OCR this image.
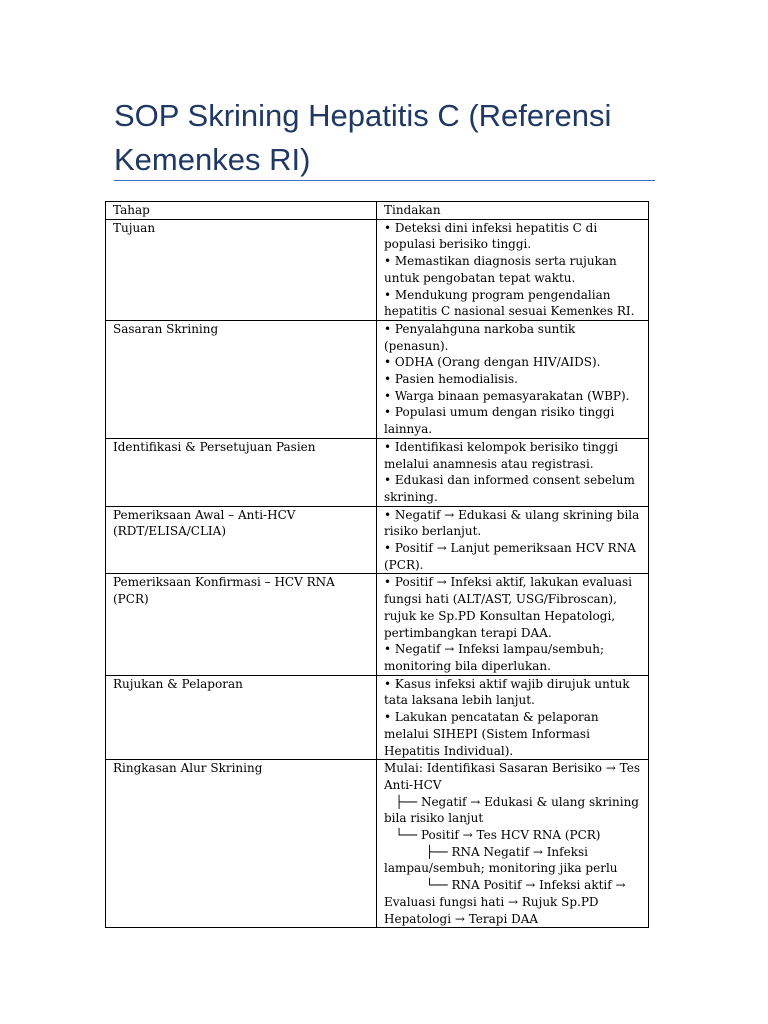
SOP Skrining Hepatitis C (Referensi Kemenkes RI)
Tahap	Tindakan
Tujuan	• Deteksi dini infeksi hepatitis C di populasi berisiko tinggi.
• Memastikan diagnosis serta rujukan untuk pengobatan tepat waktu.
• Mendukung program pengendalian hepatitis C nasional sesuai Kemenkes RI.

Sasaran Skrining	• Penyalahguna narkoba suntik (penasun).
• ODHA (Orang dengan HIV/AIDS).
• Pasien hemodialisis.
• Warga binaan pemasyarakatan (WBP).
• Populasi umum dengan risiko tinggi lainnya.

Identifikasi & Persetujuan Pasien	• Identifikasi kelompok berisiko tinggi melalui anamnesis atau registrasi.
• Edukasi dan informed consent sebelum skrining.

Pemeriksaan Awal – Anti-HCV (RDT/ELISA/CLIA)	• Negatif → Edukasi & ulang skrining bila risiko berlanjut.
• Positif → Lanjut pemeriksaan HCV RNA (PCR).

Pemeriksaan Konfirmasi – HCV RNA (PCR)	• Positif → Infeksi aktif, lakukan evaluasi fungsi hati (ALT/AST, USG/Fibroscan), rujuk ke Sp.PD Konsultan Hepatologi, pertimbangkan terapi DAA.
• Negatif → Infeksi lampau/sembuh; monitoring bila diperlukan.

Rujukan & Pelaporan	• Kasus infeksi aktif wajib dirujuk untuk tata laksana lebih lanjut.
• Lakukan pencatatan & pelaporan melalui SIHEPI (Sistem Informasi Hepatitis Individual).

Ringkasan Alur Skrining	Mulai: Identifikasi Sasaran Berisiko → Tes Anti-HCV
├── Negatif → Edukasi & ulang skrining bila risiko lanjut
└── Positif → Tes HCV RNA (PCR)
├── RNA Negatif → Infeksi lampau/sembuh; monitoring jika perlu
└── RNA Positif → Infeksi aktif → Evaluasi fungsi hati → Rujuk Sp.PD Hepatologi → Terapi DAA
